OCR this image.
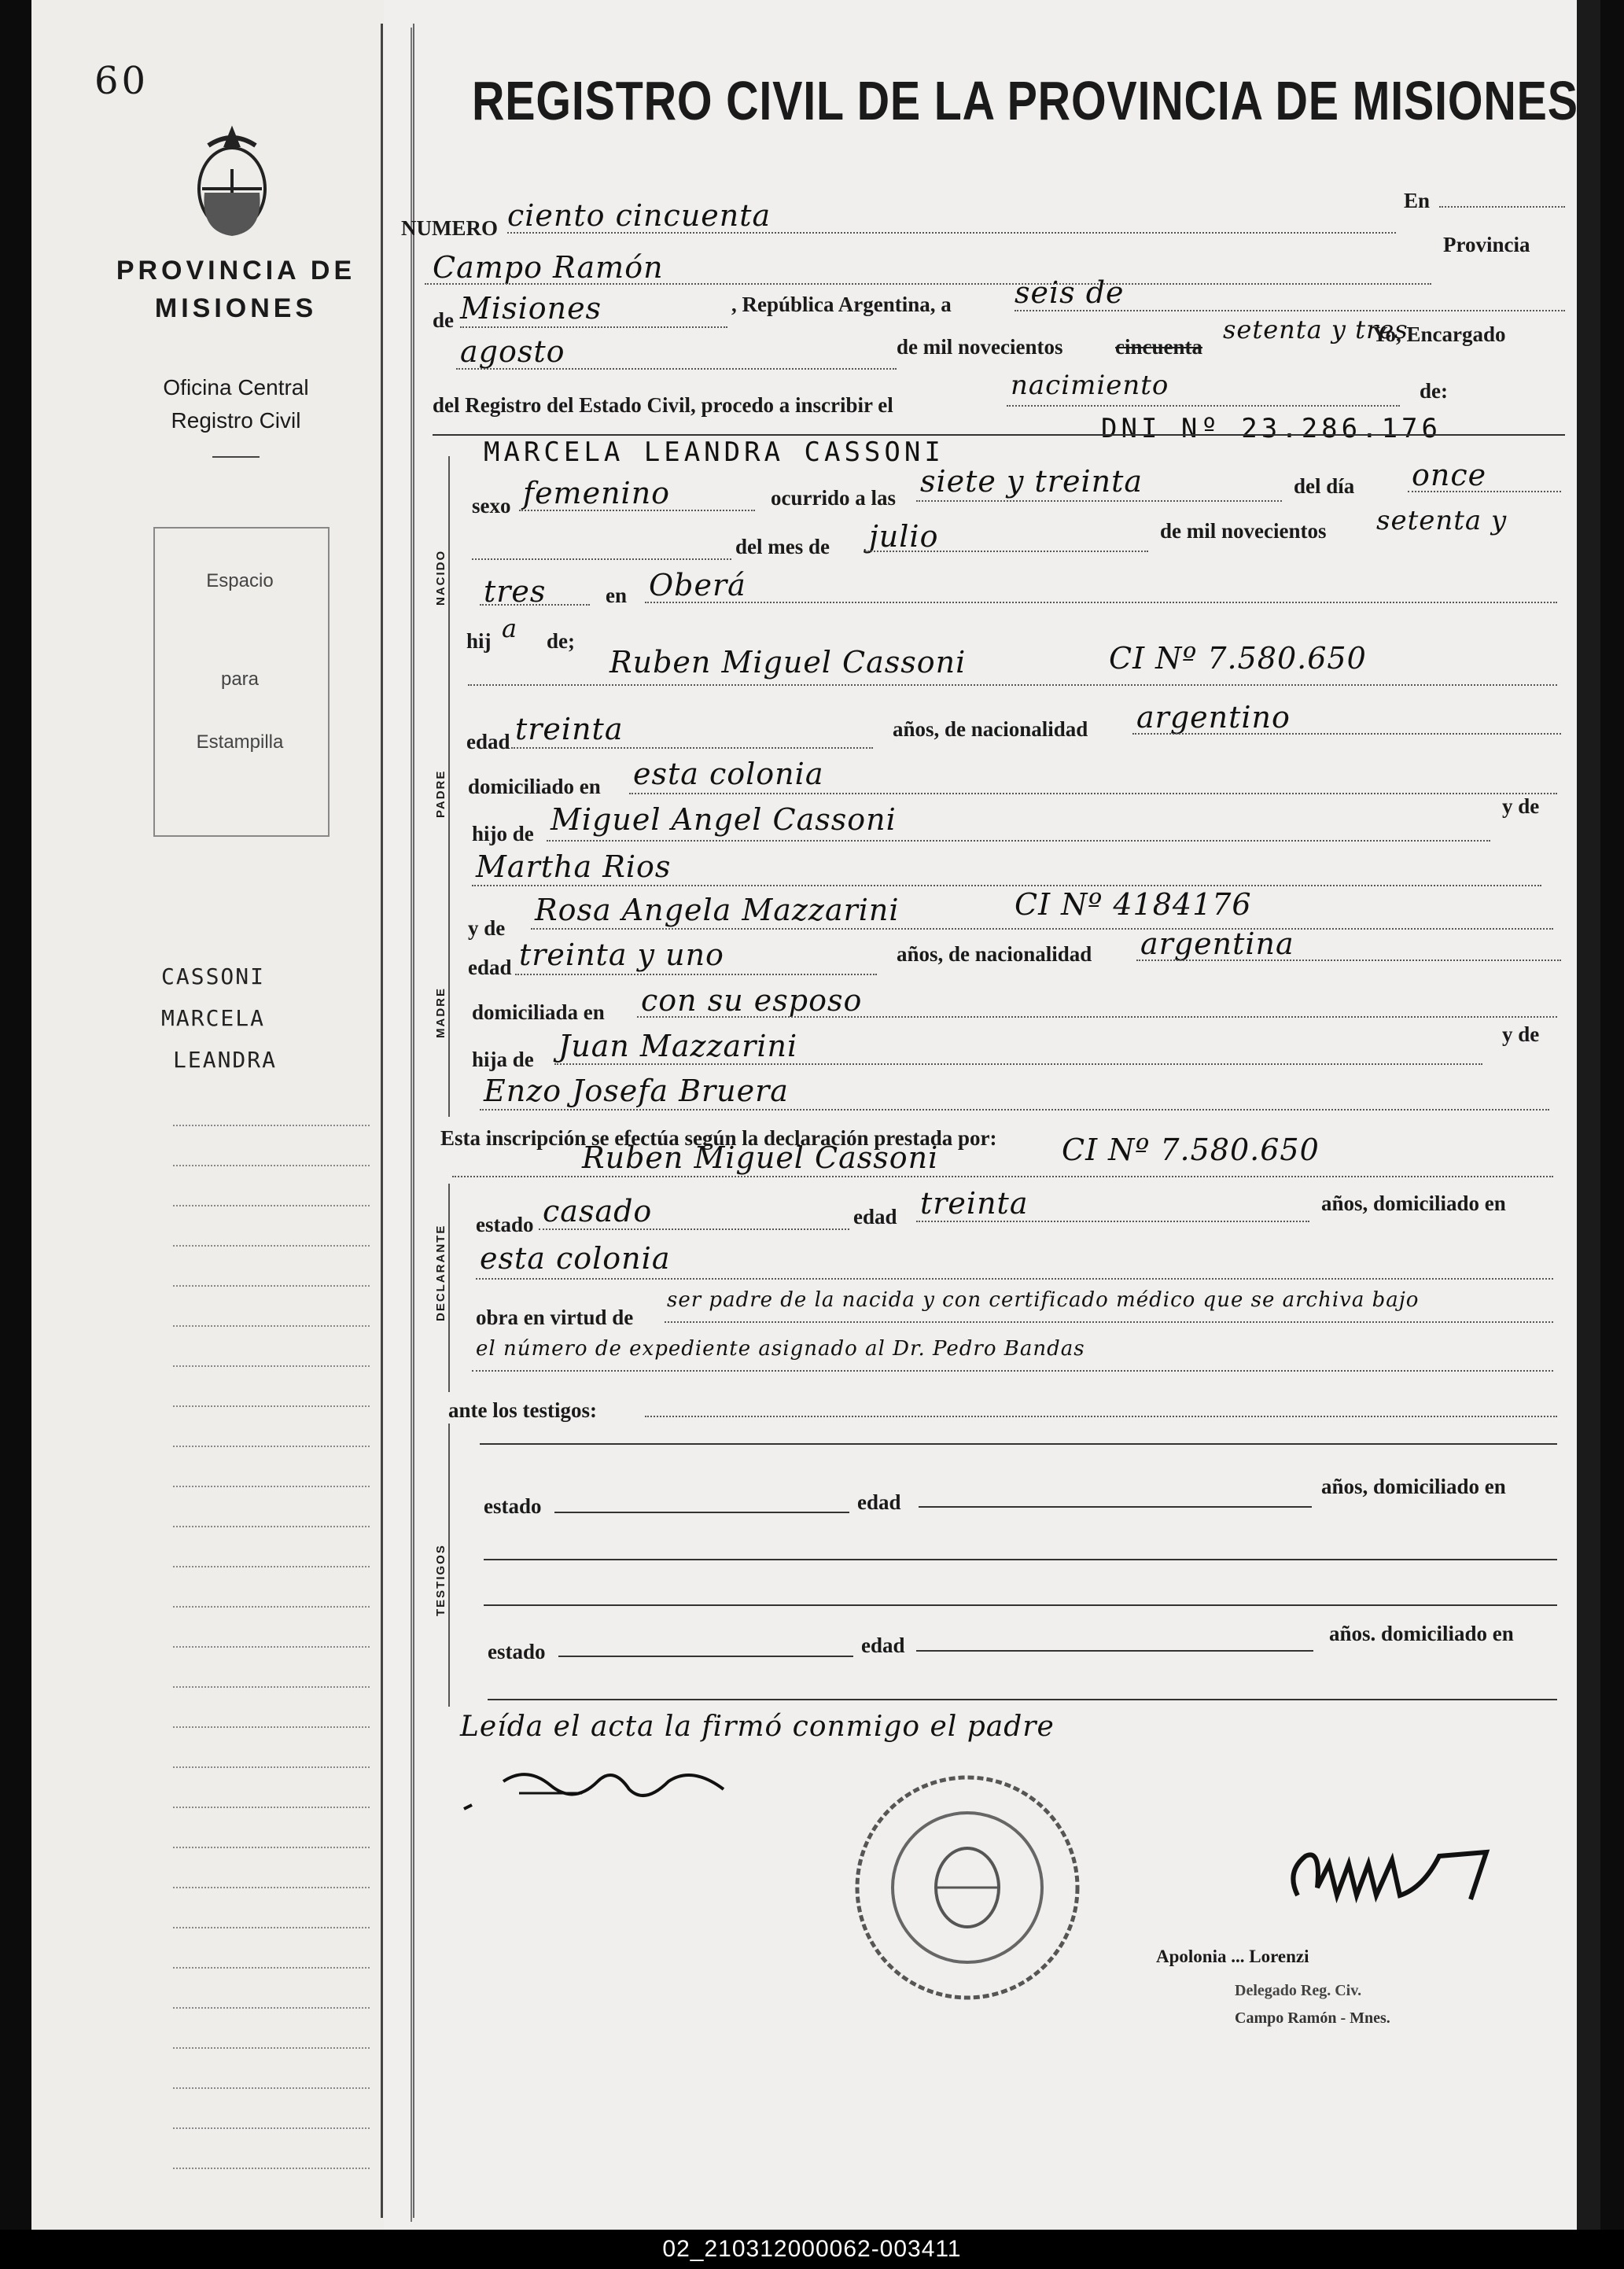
60
PROVINCIA DE
MISIONES
Oficina Central
Registro Civil
Espacio
para
Estampilla
CASSONI
MARCELA
LEANDRA
REGISTRO CIVIL DE LA PROVINCIA DE MISIONES
NUMERO ciento cincuenta	En
Campo Ramón
Provincia
de Misiones	, República Argentina, a seis de
agosto	de mil novecientos cincuenta
setenta y tres
Yo, Encargado
del Registro del Estado Civil, procedo a inscribir el
nacimiento	de:
MARCELA LEANDRA CASSONI
DNI Nº 23.286.176
NACIDO
sexo femenino	ocurrido a las siete y treinta	del día once
del mes de julio	de mil novecientos setenta y
tres	en Oberá
hij a de;
Ruben Miguel Cassoni	CI Nº 7.580.650
PADRE
edad treinta	años, de nacionalidad argentino
domiciliado en esta colonia
hijo de Miguel Angel Cassoni	y de
Martha Rios
MADRE
y de
Rosa Angela Mazzarini	CI Nº 4184176
edad treinta y uno	años, de nacionalidad argentina
domiciliada en con su esposo
hija de Juan Mazzarini	y de
Enzo Josefa Bruera
Esta inscripción se efectúa según la declaración prestada por:
Ruben Miguel Cassoni	CI Nº 7.580.650
DECLARANTE estado casado	edad treinta	años, domiciliado en
esta colonia
obra en virtud de
ser padre de la nacida y con certificado médico que se archiva bajo
el número de expediente asignado al Dr. Pedro Bandas
ante los testigos:
TESTIGOS
estado	edad
años, domiciliado en
estado	edad	años. domiciliado en
Leída el acta la firmó conmigo el padre
Apolonia ... Lorenzi
Delegado Reg. Civ.
Campo Ramón - Mnes.
02_210312000062-003411
